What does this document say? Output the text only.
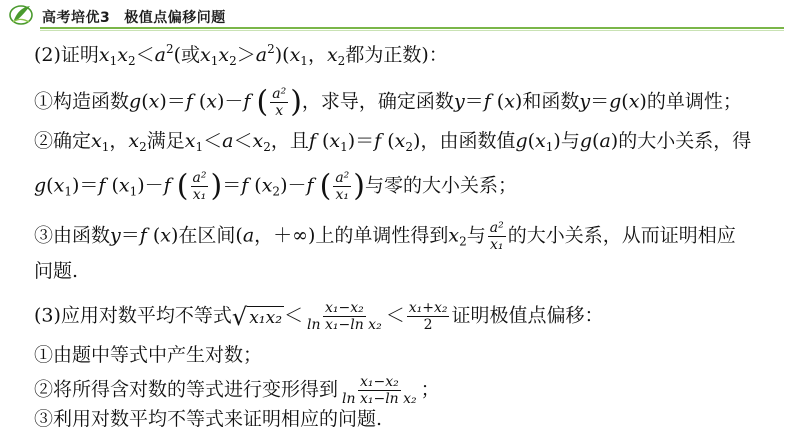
高考培优3 极值点偏移问题
(2)证明$x_1x_2<a^2$(或$x_1x_2>a^2)(x_1$，$x_2$都为正数)：
①构造函数g(x)＝f (x)－f ( $\frac{\text{a²}}{x}$ )，求导，确定函数y＝f (x)和函数y＝g(x)的单调性；
②确定$x_1$，$x_2$满足$x_1<a<x_2$，且f $(x_1)=f$ $(x_2)$，由函数值$g(x_1)$与g(a)的大小关系，得
$g(x_1)=f$ $(x_1)-f$ ( $\frac{\text{a²}}{\text{x₁}} )=f$ $(x_2)-f$ ( $\frac{\text{a²}}{\text{x₁}}$ )与零的大小关系；
③由函数y＝f (x)在区间(a，＋∞)上的单调性得到$x_2$与 $\frac{\text{a²}}{\text{x₁}}$ 的大小关系，从而证明相应
问题.
(3)应用对数平均不等式 √ $x_1x_2 < \frac{\text{x₁−x₂}}{\text{ln x₁−ln x₂}} < \frac{\text{x₁+x₂}}{2}$ 证明极值点偏移：
①由题中等式中产生对数；
②将所得含对数的等式进行变形得到 $\frac{\text{x₁−x₂}}{\text{ln x₁−ln x₂}}$ ；
③利用对数平均不等式来证明相应的问题.
